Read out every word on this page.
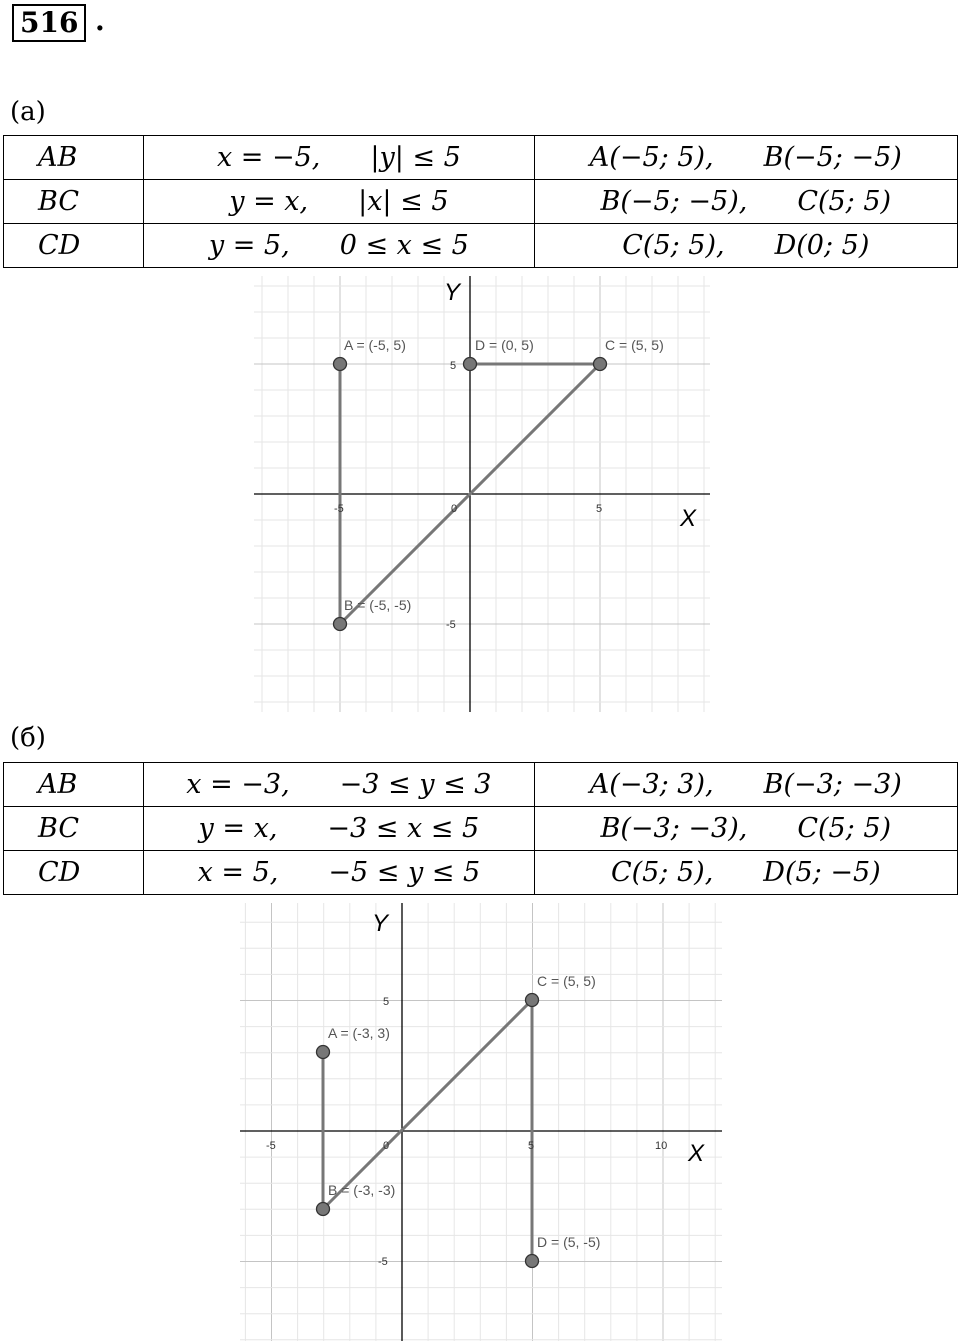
516 .
(а)
AB	x = −5, |y| ≤ 5	A(−5; 5), B(−5; −5)
BC	y = x, |x| ≤ 5	B(−5; −5), C(5; 5)
CD	y = 5, 0 ≤ x ≤ 5	C(5; 5), D(0; 5)
A = (-5, 5)	D = (0, 5)	C = (5, 5)
B = (-5, -5)
-5	0	5
5
-5
Y
X
(б)
AB	x = −3, −3 ≤ y ≤ 3	A(−3; 3), B(−3; −3)
BC	y = x, −3 ≤ x ≤ 5	B(−3; −3), C(5; 5)
CD	x = 5, −5 ≤ y ≤ 5	C(5; 5), D(5; −5)
C = (5, 5)
A = (-3, 3)
B = (-3, -3)
D = (5, -5)
-5	0	5	10
5
-5
Y
X
